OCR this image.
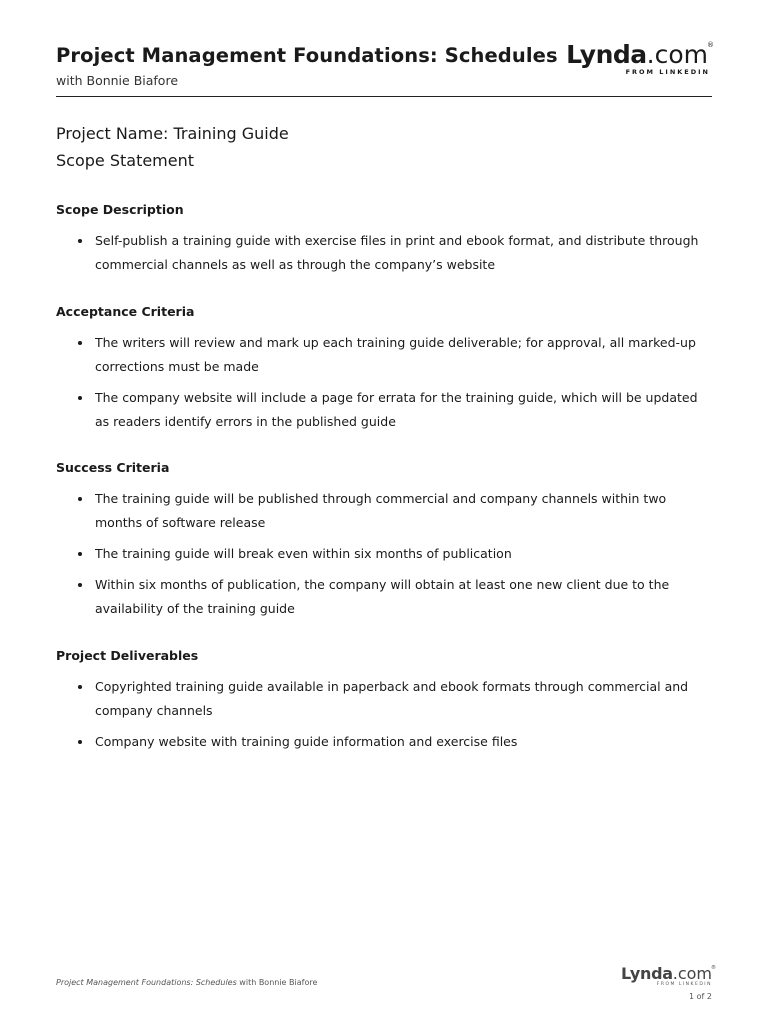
Project Management Foundations: Schedules
with Bonnie Biafore
Lynda.com ®
FROM LINKEDIN
Project Name: Training Guide
Scope Statement
Scope Description
Self-publish a training guide with exercise files in print and ebook format, and distribute through commercial channels as well as through the company’s website
Acceptance Criteria
The writers will review and mark up each training guide deliverable; for approval, all marked-up corrections must be made
The company website will include a page for errata for the training guide, which will be updated as readers identify errors in the published guide
Success Criteria
The training guide will be published through commercial and company channels within two months of software release
The training guide will break even within six months of publication
Within six months of publication, the company will obtain at least one new client due to the availability of the training guide
Project Deliverables
Copyrighted training guide available in paperback and ebook formats through commercial and company channels
Company website with training guide information and exercise files
Project Management Foundations: Schedules with Bonnie Biafore	Lynda.com ®
FROM LINKEDIN
1 of 2
